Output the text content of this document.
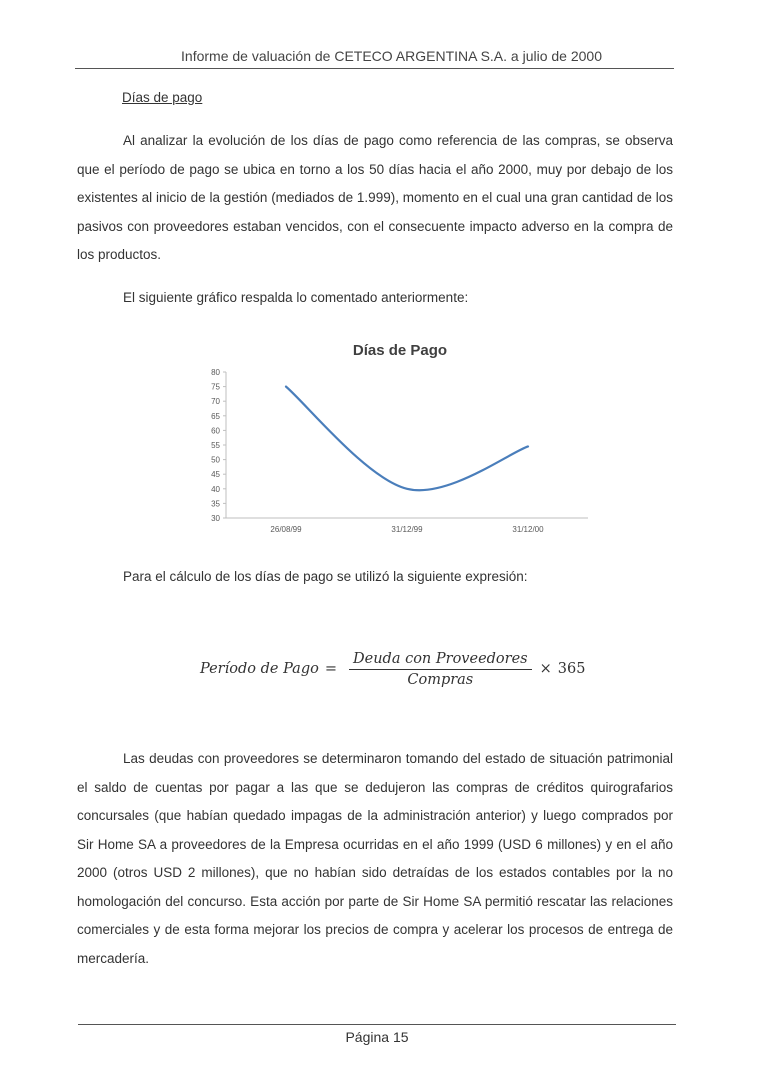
Informe de valuación de CETECO ARGENTINA S.A. a julio de 2000
Días de pago
Al analizar la evolución de los días de pago como referencia de las compras, se observa que el período de pago se ubica en torno a los 50 días hacia el año 2000, muy por debajo de los existentes al inicio de la gestión (mediados de 1.999), momento en el cual una gran cantidad de los pasivos con proveedores estaban vencidos, con el consecuente impacto adverso en la compra de los productos.
El siguiente gráfico respalda lo comentado anteriormente:
Días de Pago
30
35
40
45
50
55
60
65
70
75
80
26/08/99	31/12/99	31/12/00
Para el cálculo de los días de pago se utilizó la siguiente expresión:
Período de Pago = $\frac{\text{Deuda con Proveedores}}{\text{Compras}} \times 365$
Las deudas con proveedores se determinaron tomando del estado de situación patrimonial el saldo de cuentas por pagar a las que se dedujeron las compras de créditos quirografarios concursales (que habían quedado impagas de la administración anterior) y luego comprados por Sir Home SA a proveedores de la Empresa ocurridas en el año 1999 (USD 6 millones) y en el año 2000 (otros USD 2 millones), que no habían sido detraídas de los estados contables por la no homologación del concurso. Esta acción por parte de Sir Home SA permitió rescatar las relaciones comerciales y de esta forma mejorar los precios de compra y acelerar los procesos de entrega de mercadería.
Página 15
